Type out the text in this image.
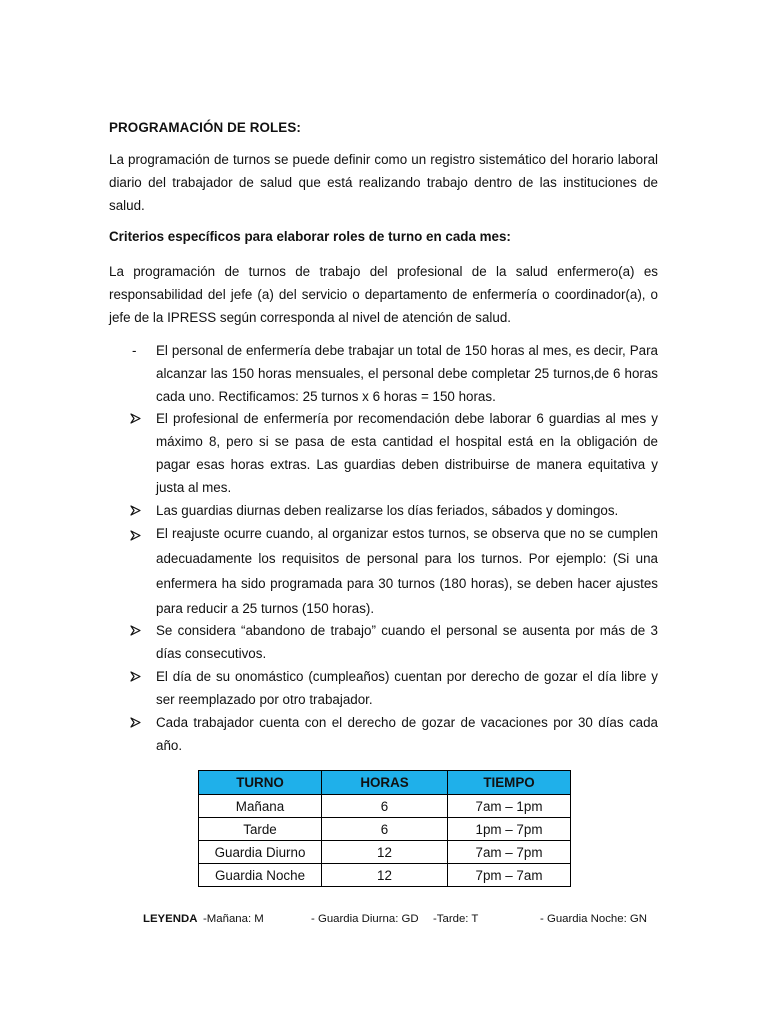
PROGRAMACIÓN DE ROLES:
La programación de turnos se puede definir como un registro sistemático del horario laboral diario del trabajador de salud que está realizando trabajo dentro de las instituciones de salud.
Criterios específicos para elaborar roles de turno en cada mes:
La programación de turnos de trabajo del profesional de la salud enfermero(a) es responsabilidad del jefe (a) del servicio o departamento de enfermería o coordinador(a), o jefe de la IPRESS según corresponda al nivel de atención de salud.
- El personal de enfermería debe trabajar un total de 150 horas al mes, es decir, Para alcanzar las 150 horas mensuales, el personal debe completar 25 turnos,de 6 horas cada uno. Rectificamos: 25 turnos x 6 horas = 150 horas.
El profesional de enfermería por recomendación debe laborar 6 guardias al mes y máximo 8, pero si se pasa de esta cantidad el hospital está en la obligación de pagar esas horas extras. Las guardias deben distribuirse de manera equitativa y justa al mes.
Las guardias diurnas deben realizarse los días feriados, sábados y domingos.
El reajuste ocurre cuando, al organizar estos turnos, se observa que no se cumplen adecuadamente los requisitos de personal para los turnos. Por ejemplo: (Si una enfermera ha sido programada para 30 turnos (180 horas), se deben hacer ajustes para reducir a 25 turnos (150 horas).
Se considera “abandono de trabajo” cuando el personal se ausenta por más de 3 días consecutivos.
El día de su onomástico (cumpleaños) cuentan por derecho de gozar el día libre y ser reemplazado por otro trabajador.
Cada trabajador cuenta con el derecho de gozar de vacaciones por 30 días cada año.
TURNO	HORAS	TIEMPO
Mañana	6	7am – 1pm
Tarde	6	1pm – 7pm
Guardia Diurno	12	7am – 7pm
Guardia Noche	12	7pm – 7am
LEYENDA -Mañana: M	- Guardia Diurna: GD -Tarde: T	- Guardia Noche: GN
